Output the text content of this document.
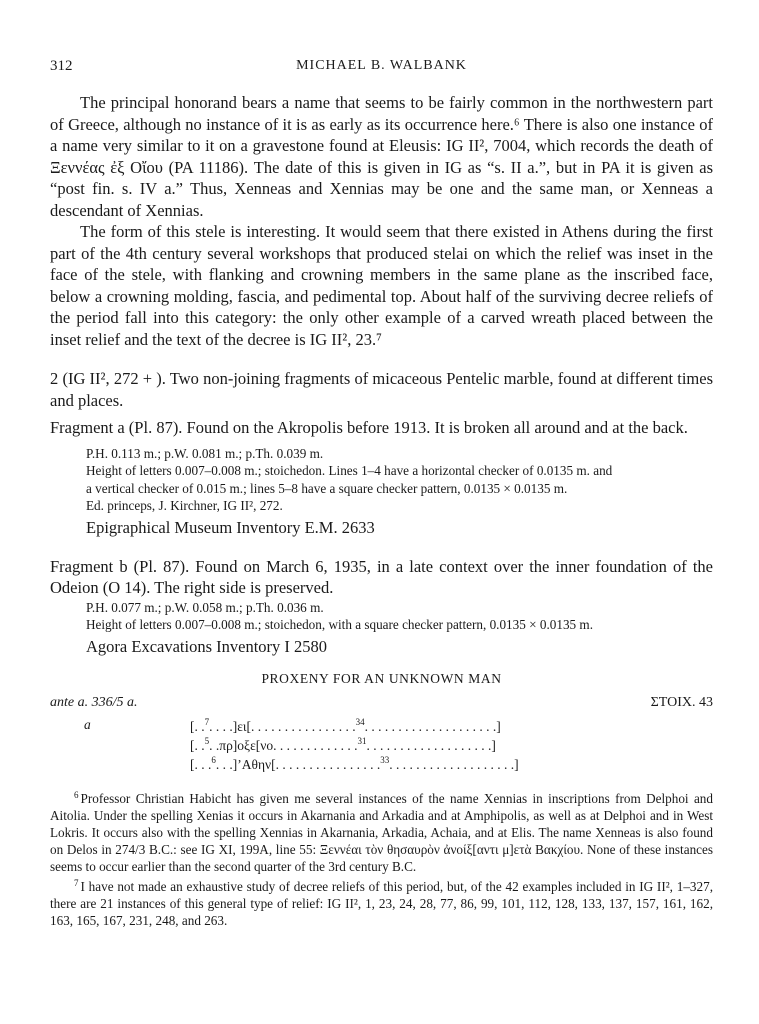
312	MICHAEL B. WALBANK

The principal honorand bears a name that seems to be fairly common in the northwestern part of Greece, although no instance of it is as early as its occurrence here.⁶ There is also one instance of a name very similar to it on a gravestone found at Eleusis: IG II², 7004, which records the death of Ξεννέας ἐξ Οἴου (PA 11186). The date of this is given in IG as “s. II a.”, but in PA it is given as “post fin. s. IV a.” Thus, Xenneas and Xennias may be one and the same man, or Xenneas a descendant of Xennias.

The form of this stele is interesting. It would seem that there existed in Athens during the first part of the 4th century several workshops that produced stelai on which the relief was inset in the face of the stele, with flanking and crowning members in the same plane as the inscribed face, below a crowning molding, fascia, and pedimental top. About half of the surviving decree reliefs of the period fall into this category: the only other example of a carved wreath placed between the inset relief and the text of the decree is IG II², 23.⁷

2 (IG II², 272 + ). Two non-joining fragments of micaceous Pentelic marble, found at different times and places.

Fragment a (Pl. 87). Found on the Akropolis before 1913. It is broken all around and at the back.

P.H. 0.113 m.; p.W. 0.081 m.; p.Th. 0.039 m.

Height of letters 0.007–0.008 m.; stoichedon. Lines 1–4 have a horizontal checker of 0.0135 m. and

a vertical checker of 0.015 m.; lines 5–8 have a square checker pattern, 0.0135 × 0.0135 m.

Ed. princeps, J. Kirchner, IG II², 272.

Epigraphical Museum Inventory E.M. 2633

Fragment b (Pl. 87). Found on March 6, 1935, in a late context over the inner foundation of the Odeion (O 14). The right side is preserved.

P.H. 0.077 m.; p.W. 0.058 m.; p.Th. 0.036 m.

Height of letters 0.007–0.008 m.; stoichedon, with a square checker pattern, 0.0135 × 0.0135 m.

Agora Excavations Inventory I 2580

PROXENY FOR AN UNKNOWN MAN
ante a. 336/5 a.	ΣΤΟΙΧ. 43
a	[. .$^7$. . . .]ει[. . . . . . . . . . . . . . . .$^{34}$. . . . . . . . . . . . . . . . . . . .]
[. .$^5$. .πρ]οξε[νο. . . . . . . . . . . . .$^{31}$. . . . . . . . . . . . . . . . . . .]
[. . .$^6$. . .]’Αθην[. . . . . . . . . . . . . . . .$^{33}$. . . . . . . . . . . . . . . . . . .]

$^6$ Professor Christian Habicht has given me several instances of the name Xennias in inscriptions from Delphoi and Aitolia. Under the spelling Xenias it occurs in Akarnania and Arkadia and at Amphipolis, as well as at Delphoi and in West Lokris. It occurs also with the spelling Xennias in Akarnania, Arkadia, Achaia, and at Elis. The name Xenneas is also found on Delos in 274/3 B.C.: see IG XI, 199A, line 55: Ξεννέαι τὸν θησαυρὸν ἀνοίξ[αντι μ]ετὰ Βακχίου. None of these instances seems to occur earlier than the second quarter of the 3rd century B.C.

$^7$ I have not made an exhaustive study of decree reliefs of this period, but, of the 42 examples included in IG II², 1–327, there are 21 instances of this general type of relief: IG II², 1, 23, 24, 28, 77, 86, 99, 101, 112, 128, 133, 137, 157, 161, 162, 163, 165, 167, 231, 248, and 263.
